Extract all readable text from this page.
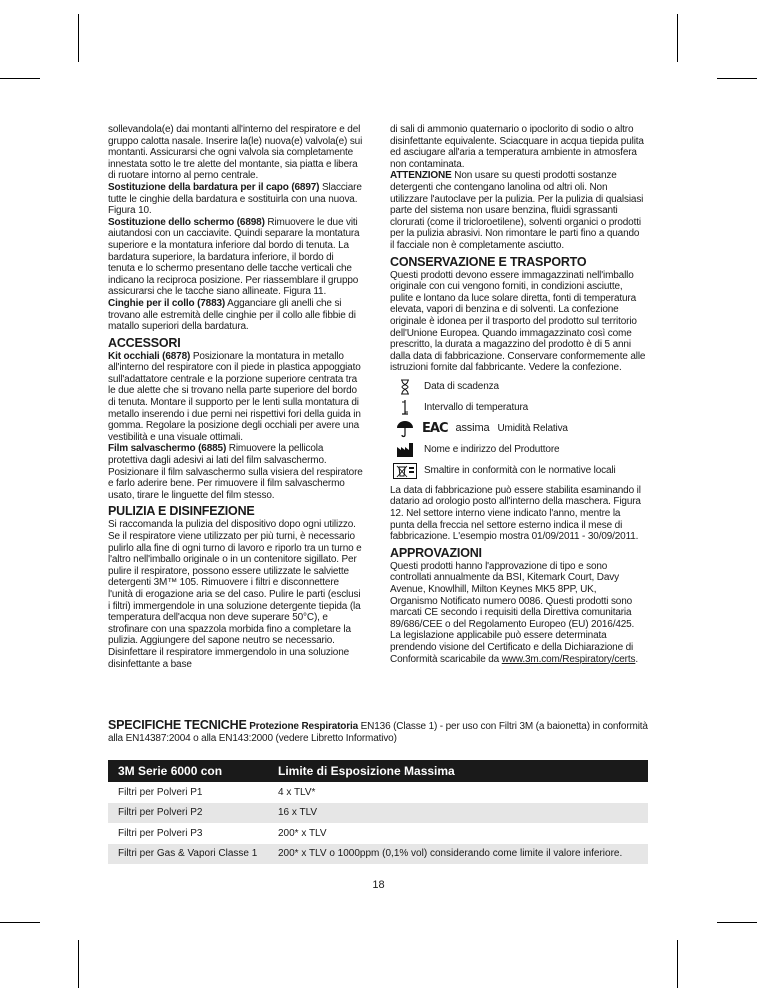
sollevandola(e) dai montanti all'interno del respiratore e del gruppo calotta nasale. Inserire la(le) nuova(e) valvola(e) sui montanti. Assicurarsi che ogni valvola sia completamente innestata sotto le tre alette del montante, sia piatta e libera di ruotare intorno al perno centrale.

Sostituzione della bardatura per il capo (6897) Slacciare tutte le cinghie della bardatura e sostituirla con una nuova. Figura 10.

Sostituzione dello schermo (6898) Rimuovere le due viti aiutandosi con un cacciavite. Quindi separare la montatura superiore e la montatura inferiore dal bordo di tenuta. La bardatura superiore, la bardatura inferiore, il bordo di tenuta e lo schermo presentano delle tacche verticali che indicano la reciproca posizione. Per riassemblare il gruppo assicurarsi che le tacche siano allineate. Figura 11.

Cinghie per il collo (7883) Agganciare gli anelli che si trovano alle estremità delle cinghie per il collo alle fibbie di matallo superiori della bardatura.

ACCESSORI

Kit occhiali (6878) Posizionare la montatura in metallo all'interno del respiratore con il piede in plastica appoggiato sull'adattatore centrale e la porzione superiore centrata tra le due alette che si trovano nella parte superiore del bordo di tenuta. Montare il supporto per le lenti sulla montatura di metallo inserendo i due perni nei rispettivi fori della guida in gomma. Regolare la posizione degli occhiali per avere una vestibilità e una visuale ottimali.

Film salvaschermo (6885) Rimuovere la pellicola protettiva dagli adesivi ai lati del film salvaschermo. Posizionare il film salvaschermo sulla visiera del respiratore e farlo aderire bene. Per rimuovere il film salvaschermo usato, tirare le linguette del film stesso.

PULIZIA E DISINFEZIONE

Si raccomanda la pulizia del dispositivo dopo ogni utilizzo. Se il respiratore viene utilizzato per più turni, è necessario pulirlo alla fine di ogni turno di lavoro e riporlo tra un turno e l'altro nell'imballo originale o in un contenitore sigillato. Per pulire il respiratore, possono essere utilizzate le salviette detergenti 3M™ 105. Rimuovere i filtri e disconnettere l'unità di erogazione aria se del caso. Pulire le parti (esclusi i filtri) immergendole in una soluzione detergente tiepida (la temperatura dell'acqua non deve superare 50°C), e strofinare con una spazzola morbida fino a completare la pulizia. Aggiungere del sapone neutro se necessario. Disinfettare il respiratore immergendolo in una soluzione disinfettante a base

di sali di ammonio quaternario o ipoclorito di sodio o altro disinfettante equivalente. Sciacquare in acqua tiepida pulita ed asciugare all'aria a temperatura ambiente in atmosfera non contaminata.

ATTENZIONE Non usare su questi prodotti sostanze detergenti che contengano lanolina od altri oli. Non utilizzare l'autoclave per la pulizia. Per la pulizia di qualsiasi parte del sistema non usare benzina, fluidi sgrassanti clorurati (come il tricloroetilene), solventi organici o prodotti per la pulizia abrasivi. Non rimontare le parti fino a quando il facciale non è completamente asciutto.

CONSERVAZIONE E TRASPORTO

Questi prodotti devono essere immagazzinati nell'imballo originale con cui vengono forniti, in condizioni asciutte, pulite e lontano da luce solare diretta, fonti di temperatura elevata, vapori di benzina e di solventi. La confezione originale è idonea per il trasporto del prodotto sul territorio dell'Unione Europea. Quando immagazzinato così come prescritto, la durata a magazzino del prodotto è di 5 anni dalla data di fabbricazione. Conservare conformemente alle istruzioni fornite dal fabbricante. Vedere la confezione.

Data di scadenza
Intervallo di temperatura
EAC assima Umidità Relativa
Nome e indirizzo del Produttore
Smaltire in conformità con le normative locali

La data di fabbricazione può essere stabilita esaminando il datario ad orologio posto all'interno della maschera. Figura 12. Nel settore interno viene indicato l'anno, mentre la punta della freccia nel settore esterno indica il mese di fabbricazione. L'esempio mostra 01/09/2011 - 30/09/2011.

APPROVAZIONI

Questi prodotti hanno l'approvazione di tipo e sono controllati annualmente da BSI, Kitemark Court, Davy Avenue, Knowlhill, Milton Keynes MK5 8PP, UK, Organismo Notificato numero 0086. Questi prodotti sono marcati CE secondo i requisiti della Direttiva comunitaria 89/686/CEE o del Regolamento Europeo (EU) 2016/425. La legislazione applicabile può essere determinata prendendo visione del Certificato e della Dichiarazione di Conformità scaricabile da www.3m.com/Respiratory/certs.

SPECIFICHE TECNICHE Protezione Respiratoria EN136 (Classe 1) - per uso con Filtri 3M (a baionetta) in conformità alla EN14387:2004 o alla EN143:2000 (vedere Libretto Informativo)
3M Serie 6000 con	Limite di Esposizione Massima
Filtri per Polveri P1	4 x TLV*
Filtri per Polveri P2	16 x TLV
Filtri per Polveri P3	200* x TLV
Filtri per Gas & Vapori Classe 1	200* x TLV o 1000ppm (0,1% vol) considerando come limite il valore inferiore.
18
